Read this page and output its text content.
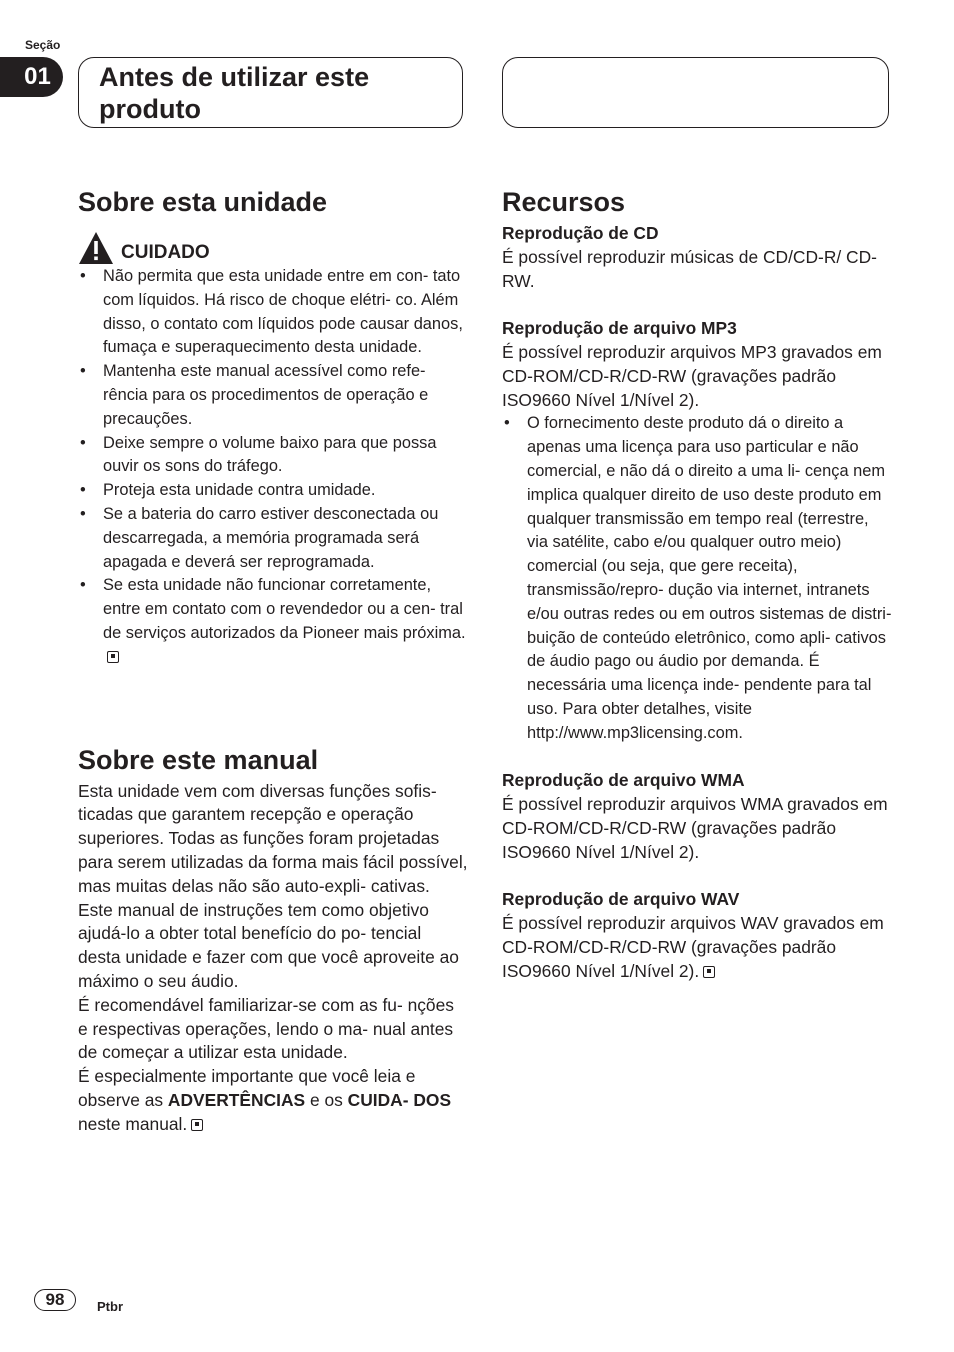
Seção
01	Antes de utilizar este produto
Sobre esta unidade
CUIDADO
• Não permita que esta unidade entre em con- tato com líquidos. Há risco de choque elétri- co. Além disso, o contato com líquidos pode causar danos, fumaça e superaquecimento desta unidade.
• Mantenha este manual acessível como refe- rência para os procedimentos de operação e precauções.
• Deixe sempre o volume baixo para que possa ouvir os sons do tráfego.
• Proteja esta unidade contra umidade.
• Se a bateria do carro estiver desconectada ou descarregada, a memória programada será apagada e deverá ser reprogramada.
• Se esta unidade não funcionar corretamente, entre em contato com o revendedor ou a cen- tral de serviços autorizados da Pioneer mais próxima.
Sobre este manual

Esta unidade vem com diversas funções sofis- ticadas que garantem recepção e operação superiores. Todas as funções foram projetadas para serem utilizadas da forma mais fácil possível, mas muitas delas não são auto-expli- cativas. Este manual de instruções tem como objetivo ajudá-lo a obter total benefício do po- tencial desta unidade e fazer com que você aproveite ao máximo o seu áudio.

É recomendável familiarizar-se com as fu- nções e respectivas operações, lendo o ma- nual antes de começar a utilizar esta unidade.

É especialmente importante que você leia e observe as ADVERTÊNCIAS e os CUIDA- DOS neste manual.

Recursos

Reprodução de CD

É possível reproduzir músicas de CD/CD-R/ CD-RW.

Reprodução de arquivo MP3

É possível reproduzir arquivos MP3 gravados em CD-ROM/CD-R/CD-RW (gravações padrão ISO9660 Nível 1/Nível 2).

• O fornecimento deste produto dá o direito a apenas uma licença para uso particular e não comercial, e não dá o direito a uma li- cença nem implica qualquer direito de uso deste produto em qualquer transmissão em tempo real (terrestre, via satélite, cabo e/ou qualquer outro meio) comercial (ou seja, que gere receita), transmissão/repro- dução via internet, intranets e/ou outras redes ou em outros sistemas de distri- buição de conteúdo eletrônico, como apli- cativos de áudio pago ou áudio por demanda. É necessária uma licença inde- pendente para tal uso. Para obter detalhes, visite
http://www.mp3licensing.com.

Reprodução de arquivo WMA

É possível reproduzir arquivos WMA gravados em CD-ROM/CD-R/CD-RW (gravações padrão ISO9660 Nível 1/Nível 2).

Reprodução de arquivo WAV

É possível reproduzir arquivos WAV gravados em CD-ROM/CD-R/CD-RW (gravações padrão ISO9660 Nível 1/Nível 2).

98	Ptbr
